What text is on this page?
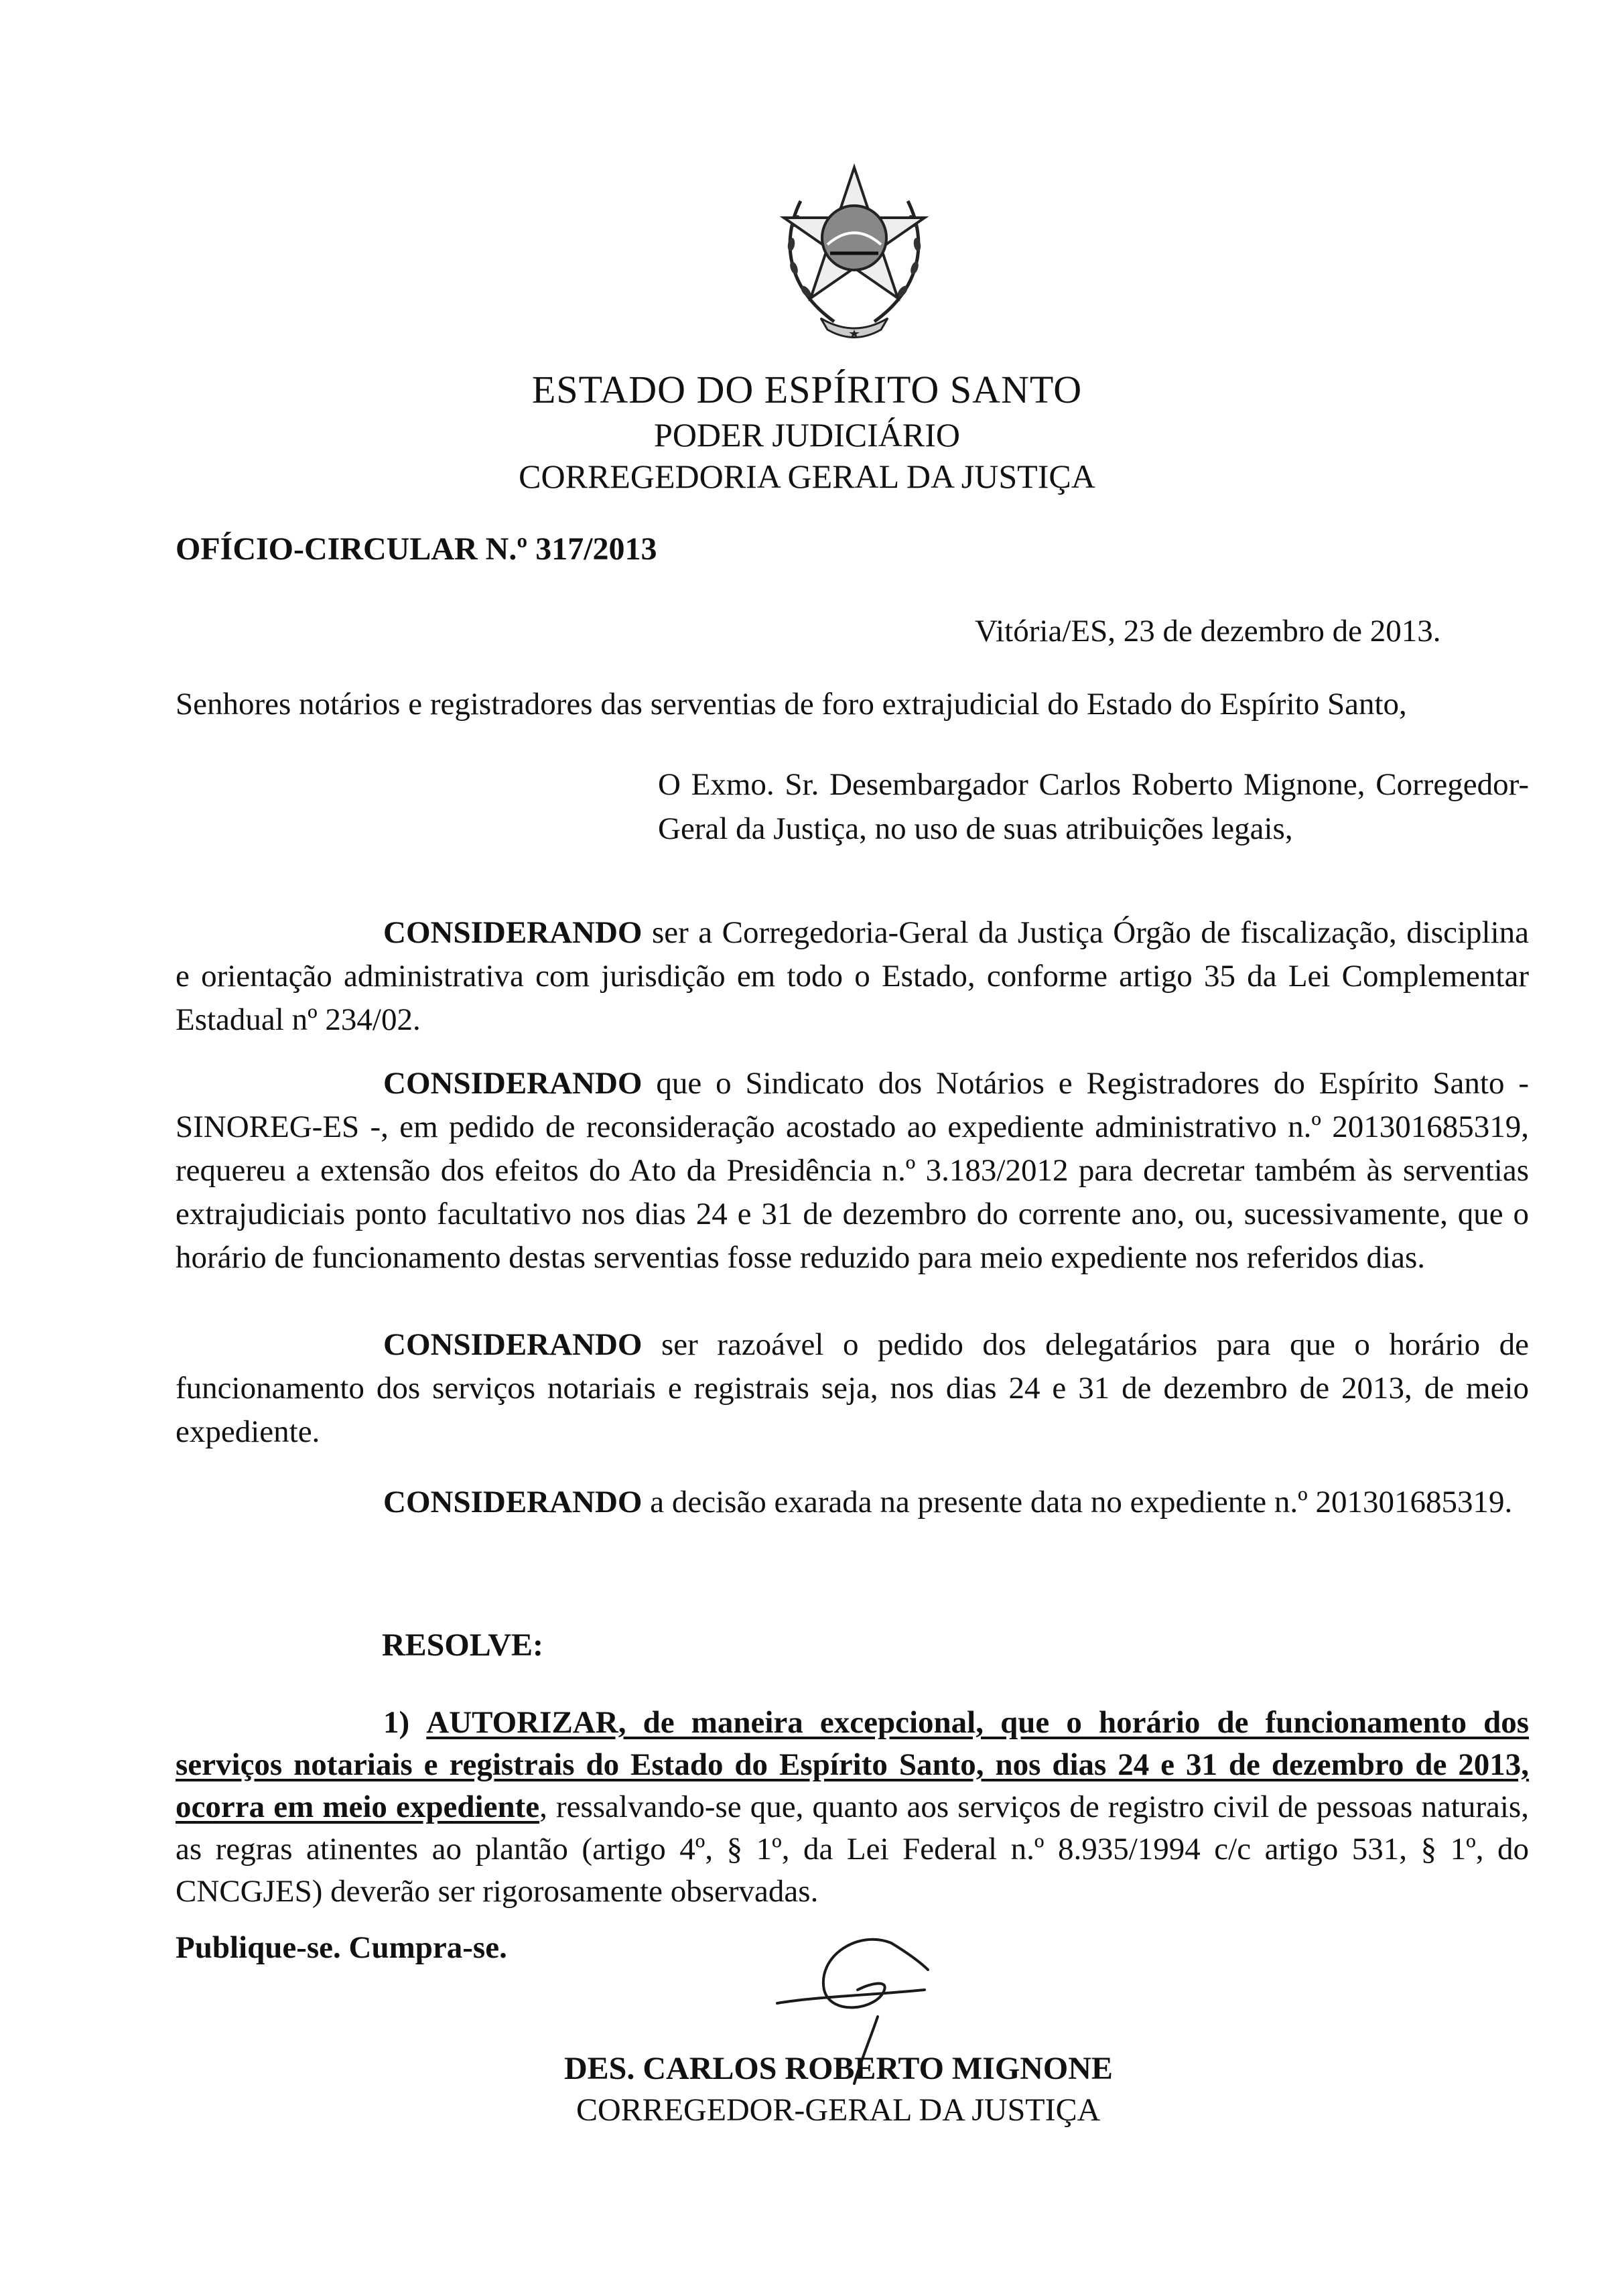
ESTADO DO ESPÍRITO SANTO
PODER JUDICIÁRIO
CORREGEDORIA GERAL DA JUSTIÇA
OFÍCIO-CIRCULAR N.º 317/2013
Vitória/ES, 23 de dezembro de 2013.
Senhores notários e registradores das serventias de foro extrajudicial do Estado do Espírito Santo,
O Exmo. Sr. Desembargador Carlos Roberto Mignone, Corregedor-Geral da Justiça, no uso de suas atribuições legais,
CONSIDERANDO ser a Corregedoria-Geral da Justiça Órgão de fiscalização, disciplina e orientação administrativa com jurisdição em todo o Estado, conforme artigo 35 da Lei Complementar Estadual nº 234/02.
CONSIDERANDO que o Sindicato dos Notários e Registradores do Espírito Santo - SINOREG-ES -, em pedido de reconsideração acostado ao expediente administrativo n.º 201301685319, requereu a extensão dos efeitos do Ato da Presidência n.º 3.183/2012 para decretar também às serventias extrajudiciais ponto facultativo nos dias 24 e 31 de dezembro do corrente ano, ou, sucessivamente, que o horário de funcionamento destas serventias fosse reduzido para meio expediente nos referidos dias.
CONSIDERANDO ser razoável o pedido dos delegatários para que o horário de funcionamento dos serviços notariais e registrais seja, nos dias 24 e 31 de dezembro de 2013, de meio expediente.
CONSIDERANDO a decisão exarada na presente data no expediente n.º 201301685319.
RESOLVE:
1) AUTORIZAR, de maneira excepcional, que o horário de funcionamento dos serviços notariais e registrais do Estado do Espírito Santo, nos dias 24 e 31 de dezembro de 2013, ocorra em meio expediente, ressalvando-se que, quanto aos serviços de registro civil de pessoas naturais, as regras atinentes ao plantão (artigo 4º, § 1º, da Lei Federal n.º 8.935/1994 c/c artigo 531, § 1º, do CNCGJES) deverão ser rigorosamente observadas.
Publique-se. Cumpra-se.
DES. CARLOS ROBERTO MIGNONE
CORREGEDOR-GERAL DA JUSTIÇA
